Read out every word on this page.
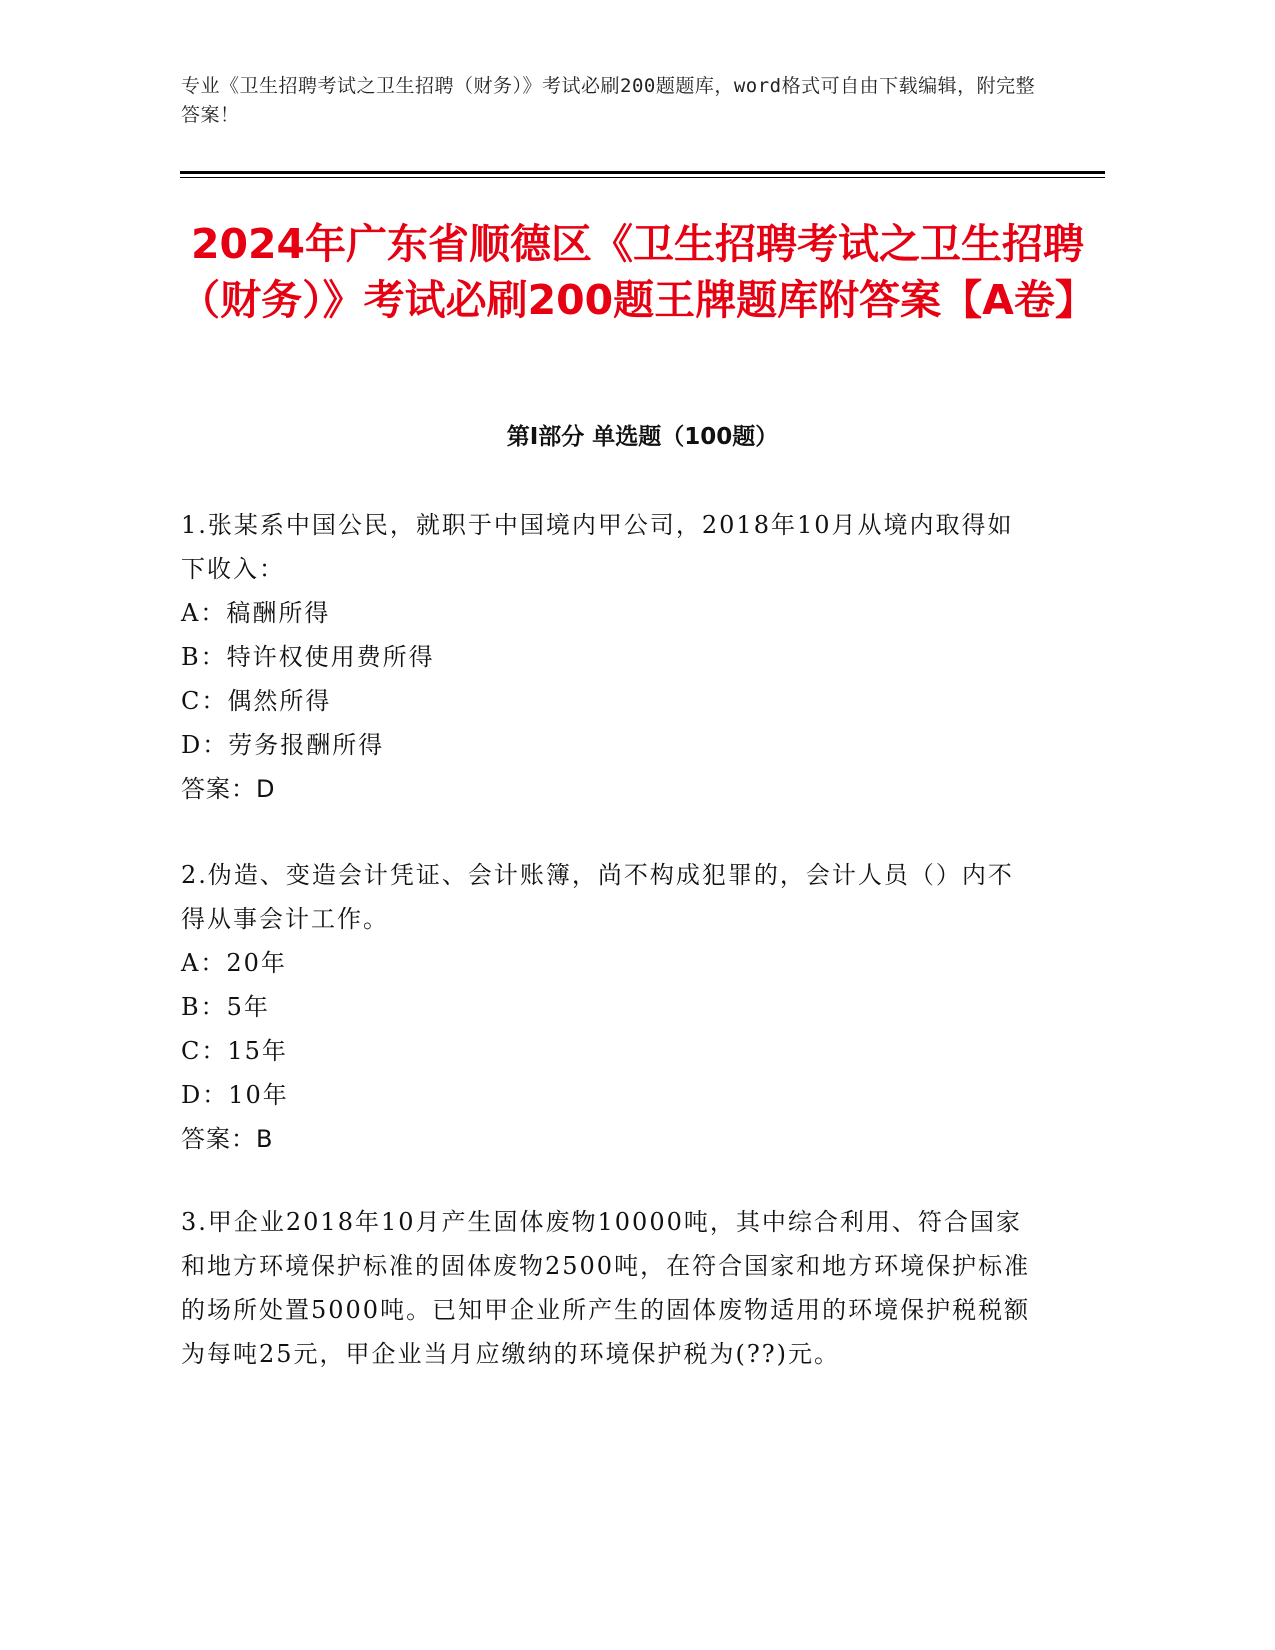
专业《卫生招聘考试之卫生招聘（财务）》考试必刷200题题库，word格式可自由下载编辑，附完整答案！
2024年广东省顺德区《卫生招聘考试之卫生招聘（财务）》考试必刷200题王牌题库附答案【A卷】
第Ⅰ部分 单选题（100题）
1.张某系中国公民，就职于中国境内甲公司，2018年10月从境内取得如下收入：
A：稿酬所得
B：特许权使用费所得
C：偶然所得
D：劳务报酬所得
答案：D
2.伪造、变造会计凭证、会计账簿，尚不构成犯罪的，会计人员（）内不得从事会计工作。
A：20年
B：5年
C：15年
D：10年
答案：B
3.甲企业2018年10月产生固体废物10000吨，其中综合利用、符合国家和地方环境保护标准的固体废物2500吨，在符合国家和地方环境保护标准的场所处置5000吨。已知甲企业所产生的固体废物适用的环境保护税税额为每吨25元，甲企业当月应缴纳的环境保护税为(??)元。
